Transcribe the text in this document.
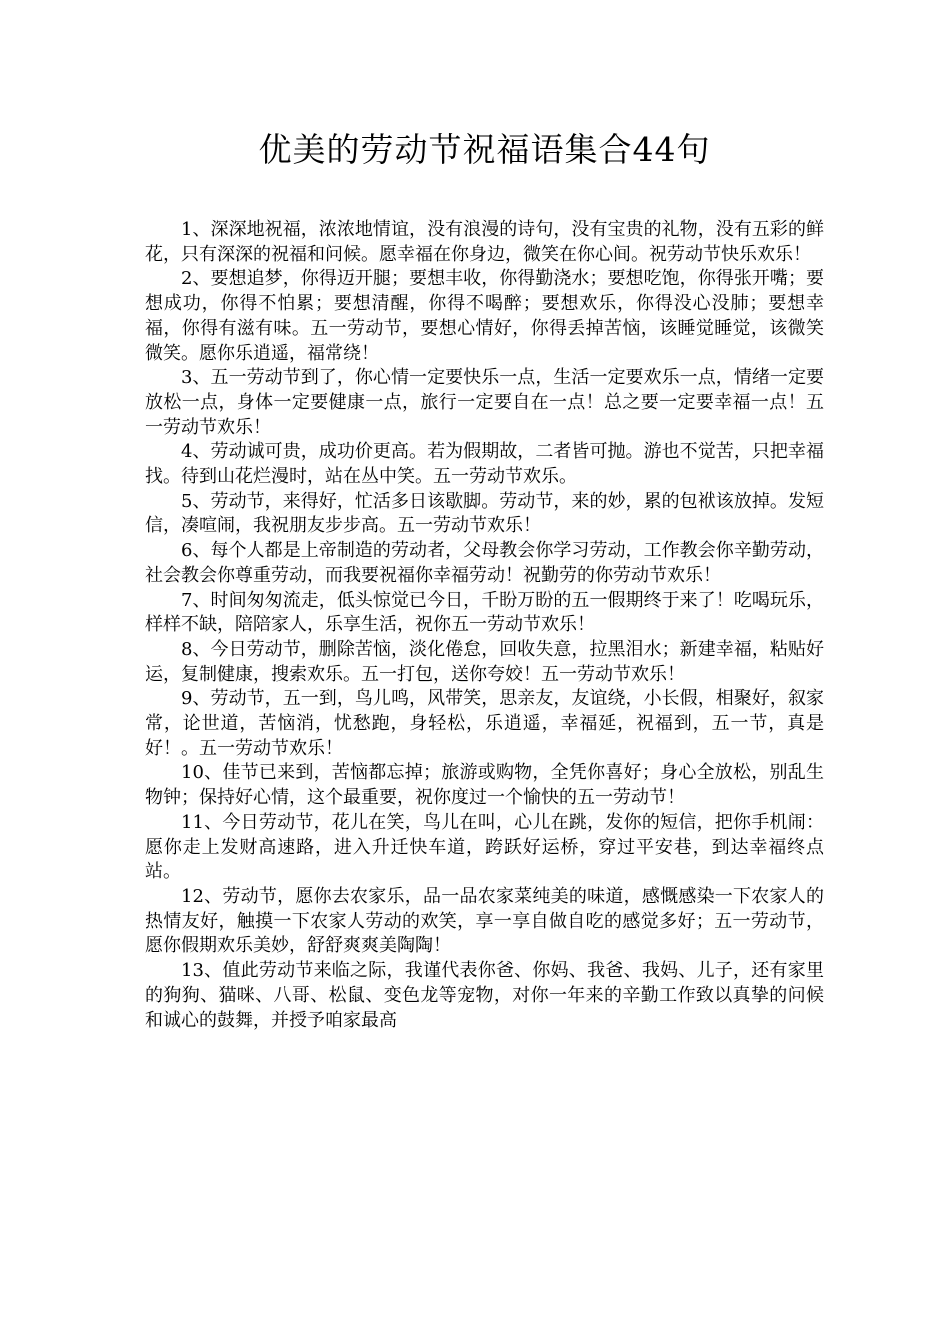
优美的劳动节祝福语集合44句

1、深深地祝福，浓浓地情谊，没有浪漫的诗句，没有宝贵的礼物，没有五彩的鲜花，只有深深的祝福和问候。愿幸福在你身边，微笑在你心间。祝劳动节快乐欢乐！

2、要想追梦，你得迈开腿；要想丰收，你得勤浇水；要想吃饱，你得张开嘴；要想成功，你得不怕累；要想清醒，你得不喝醉；要想欢乐，你得没心没肺；要想幸福，你得有滋有味。五一劳动节，要想心情好，你得丢掉苦恼，该睡觉睡觉，该微笑微笑。愿你乐逍遥，福常绕！

3、五一劳动节到了，你心情一定要快乐一点，生活一定要欢乐一点，情绪一定要放松一点，身体一定要健康一点，旅行一定要自在一点！总之要一定要幸福一点！五一劳动节欢乐！

4、劳动诚可贵，成功价更高。若为假期故，二者皆可抛。游也不觉苦，只把幸福找。待到山花烂漫时，站在丛中笑。五一劳动节欢乐。

5、劳动节，来得好，忙活多日该歇脚。劳动节，来的妙，累的包袱该放掉。发短信，凑喧闹，我祝朋友步步高。五一劳动节欢乐！

6、每个人都是上帝制造的劳动者，父母教会你学习劳动，工作教会你辛勤劳动，社会教会你尊重劳动，而我要祝福你幸福劳动！祝勤劳的你劳动节欢乐！

7、时间匆匆流走，低头惊觉已今日，千盼万盼的五一假期终于来了！吃喝玩乐，样样不缺，陪陪家人，乐享生活，祝你五一劳动节欢乐！

8、今日劳动节，删除苦恼，淡化倦怠，回收失意，拉黑泪水；新建幸福，粘贴好运，复制健康，搜索欢乐。五一打包，送你夸姣！五一劳动节欢乐！

9、劳动节，五一到，鸟儿鸣，风带笑，思亲友，友谊绕，小长假，相聚好，叙家常，论世道，苦恼消，忧愁跑，身轻松，乐逍遥，幸福延，祝福到，五一节，真是好！。五一劳动节欢乐！

10、佳节已来到，苦恼都忘掉；旅游或购物，全凭你喜好；身心全放松，别乱生物钟；保持好心情，这个最重要，祝你度过一个愉快的五一劳动节！

11、今日劳动节，花儿在笑，鸟儿在叫，心儿在跳，发你的短信，把你手机闹：愿你走上发财高速路，进入升迁快车道，跨跃好运桥，穿过平安巷，到达幸福终点站。

12、劳动节，愿你去农家乐，品一品农家菜纯美的味道，感慨感染一下农家人的热情友好，触摸一下农家人劳动的欢笑，享一享自做自吃的感觉多好；五一劳动节，愿你假期欢乐美妙，舒舒爽爽美陶陶！

13、值此劳动节来临之际，我谨代表你爸、你妈、我爸、我妈、儿子，还有家里的狗狗、猫咪、八哥、松鼠、变色龙等宠物，对你一年来的辛勤工作致以真挚的问候和诚心的鼓舞，并授予咱家最高
